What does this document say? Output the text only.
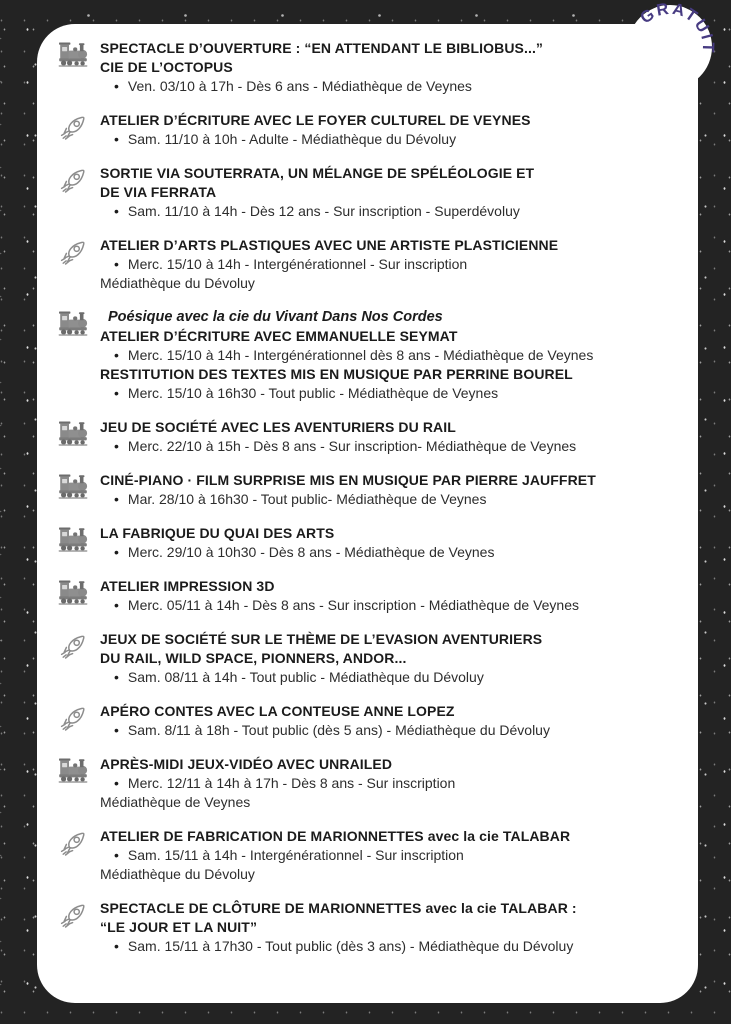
SPECTACLE D’OUVERTURE : “EN ATTENDANT LE BIBLIOBUS...”
CIE DE L’OCTOPUS
• Ven. 03/10 à 17h - Dès 6 ans - Médiathèque de Veynes
ATELIER D’ÉCRITURE AVEC LE FOYER CULTUREL DE VEYNES
• Sam. 11/10 à 10h - Adulte - Médiathèque du Dévoluy
SORTIE VIA SOUTERRATA, UN MÉLANGE DE SPÉLÉOLOGIE ET
DE VIA FERRATA
• Sam. 11/10 à 14h - Dès 12 ans - Sur inscription - Superdévoluy
ATELIER D’ARTS PLASTIQUES AVEC UNE ARTISTE PLASTICIENNE
• Merc. 15/10 à 14h - Intergénérationnel - Sur inscription
Médiathèque du Dévoluy
Poésique avec la cie du Vivant Dans Nos Cordes
ATELIER D’ÉCRITURE AVEC EMMANUELLE SEYMAT
• Merc. 15/10 à 14h - Intergénérationnel dès 8 ans - Médiathèque de Veynes
RESTITUTION DES TEXTES MIS EN MUSIQUE PAR PERRINE BOUREL
• Merc. 15/10 à 16h30 - Tout public - Médiathèque de Veynes
JEU DE SOCIÉTÉ AVEC LES AVENTURIERS DU RAIL
• Merc. 22/10 à 15h - Dès 8 ans - Sur inscription- Médiathèque de Veynes
CINÉ-PIANO · FILM SURPRISE MIS EN MUSIQUE PAR PIERRE JAUFFRET
• Mar. 28/10 à 16h30 - Tout public- Médiathèque de Veynes
LA FABRIQUE DU QUAI DES ARTS
• Merc. 29/10 à 10h30 - Dès 8 ans - Médiathèque de Veynes
ATELIER IMPRESSION 3D
• Merc. 05/11 à 14h - Dès 8 ans - Sur inscription - Médiathèque de Veynes
JEUX DE SOCIÉTÉ SUR LE THÈME DE L’EVASION AVENTURIERS
DU RAIL, WILD SPACE, PIONNERS, ANDOR...
• Sam. 08/11 à 14h - Tout public - Médiathèque du Dévoluy
APÉRO CONTES AVEC LA CONTEUSE ANNE LOPEZ
• Sam. 8/11 à 18h - Tout public (dès 5 ans) - Médiathèque du Dévoluy
APRÈS-MIDI JEUX-VIDÉO AVEC UNRAILED
• Merc. 12/11 à 14h à 17h - Dès 8 ans - Sur inscription
Médiathèque de Veynes
ATELIER DE FABRICATION DE MARIONNETTES avec la cie TALABAR
• Sam. 15/11 à 14h - Intergénérationnel - Sur inscription
Médiathèque du Dévoluy
SPECTACLE DE CLÔTURE DE MARIONNETTES avec la cie TALABAR :
“LE JOUR ET LA NUIT”
• Sam. 15/11 à 17h30 - Tout public (dès 3 ans) - Médiathèque du Dévoluy
GRATUIT
